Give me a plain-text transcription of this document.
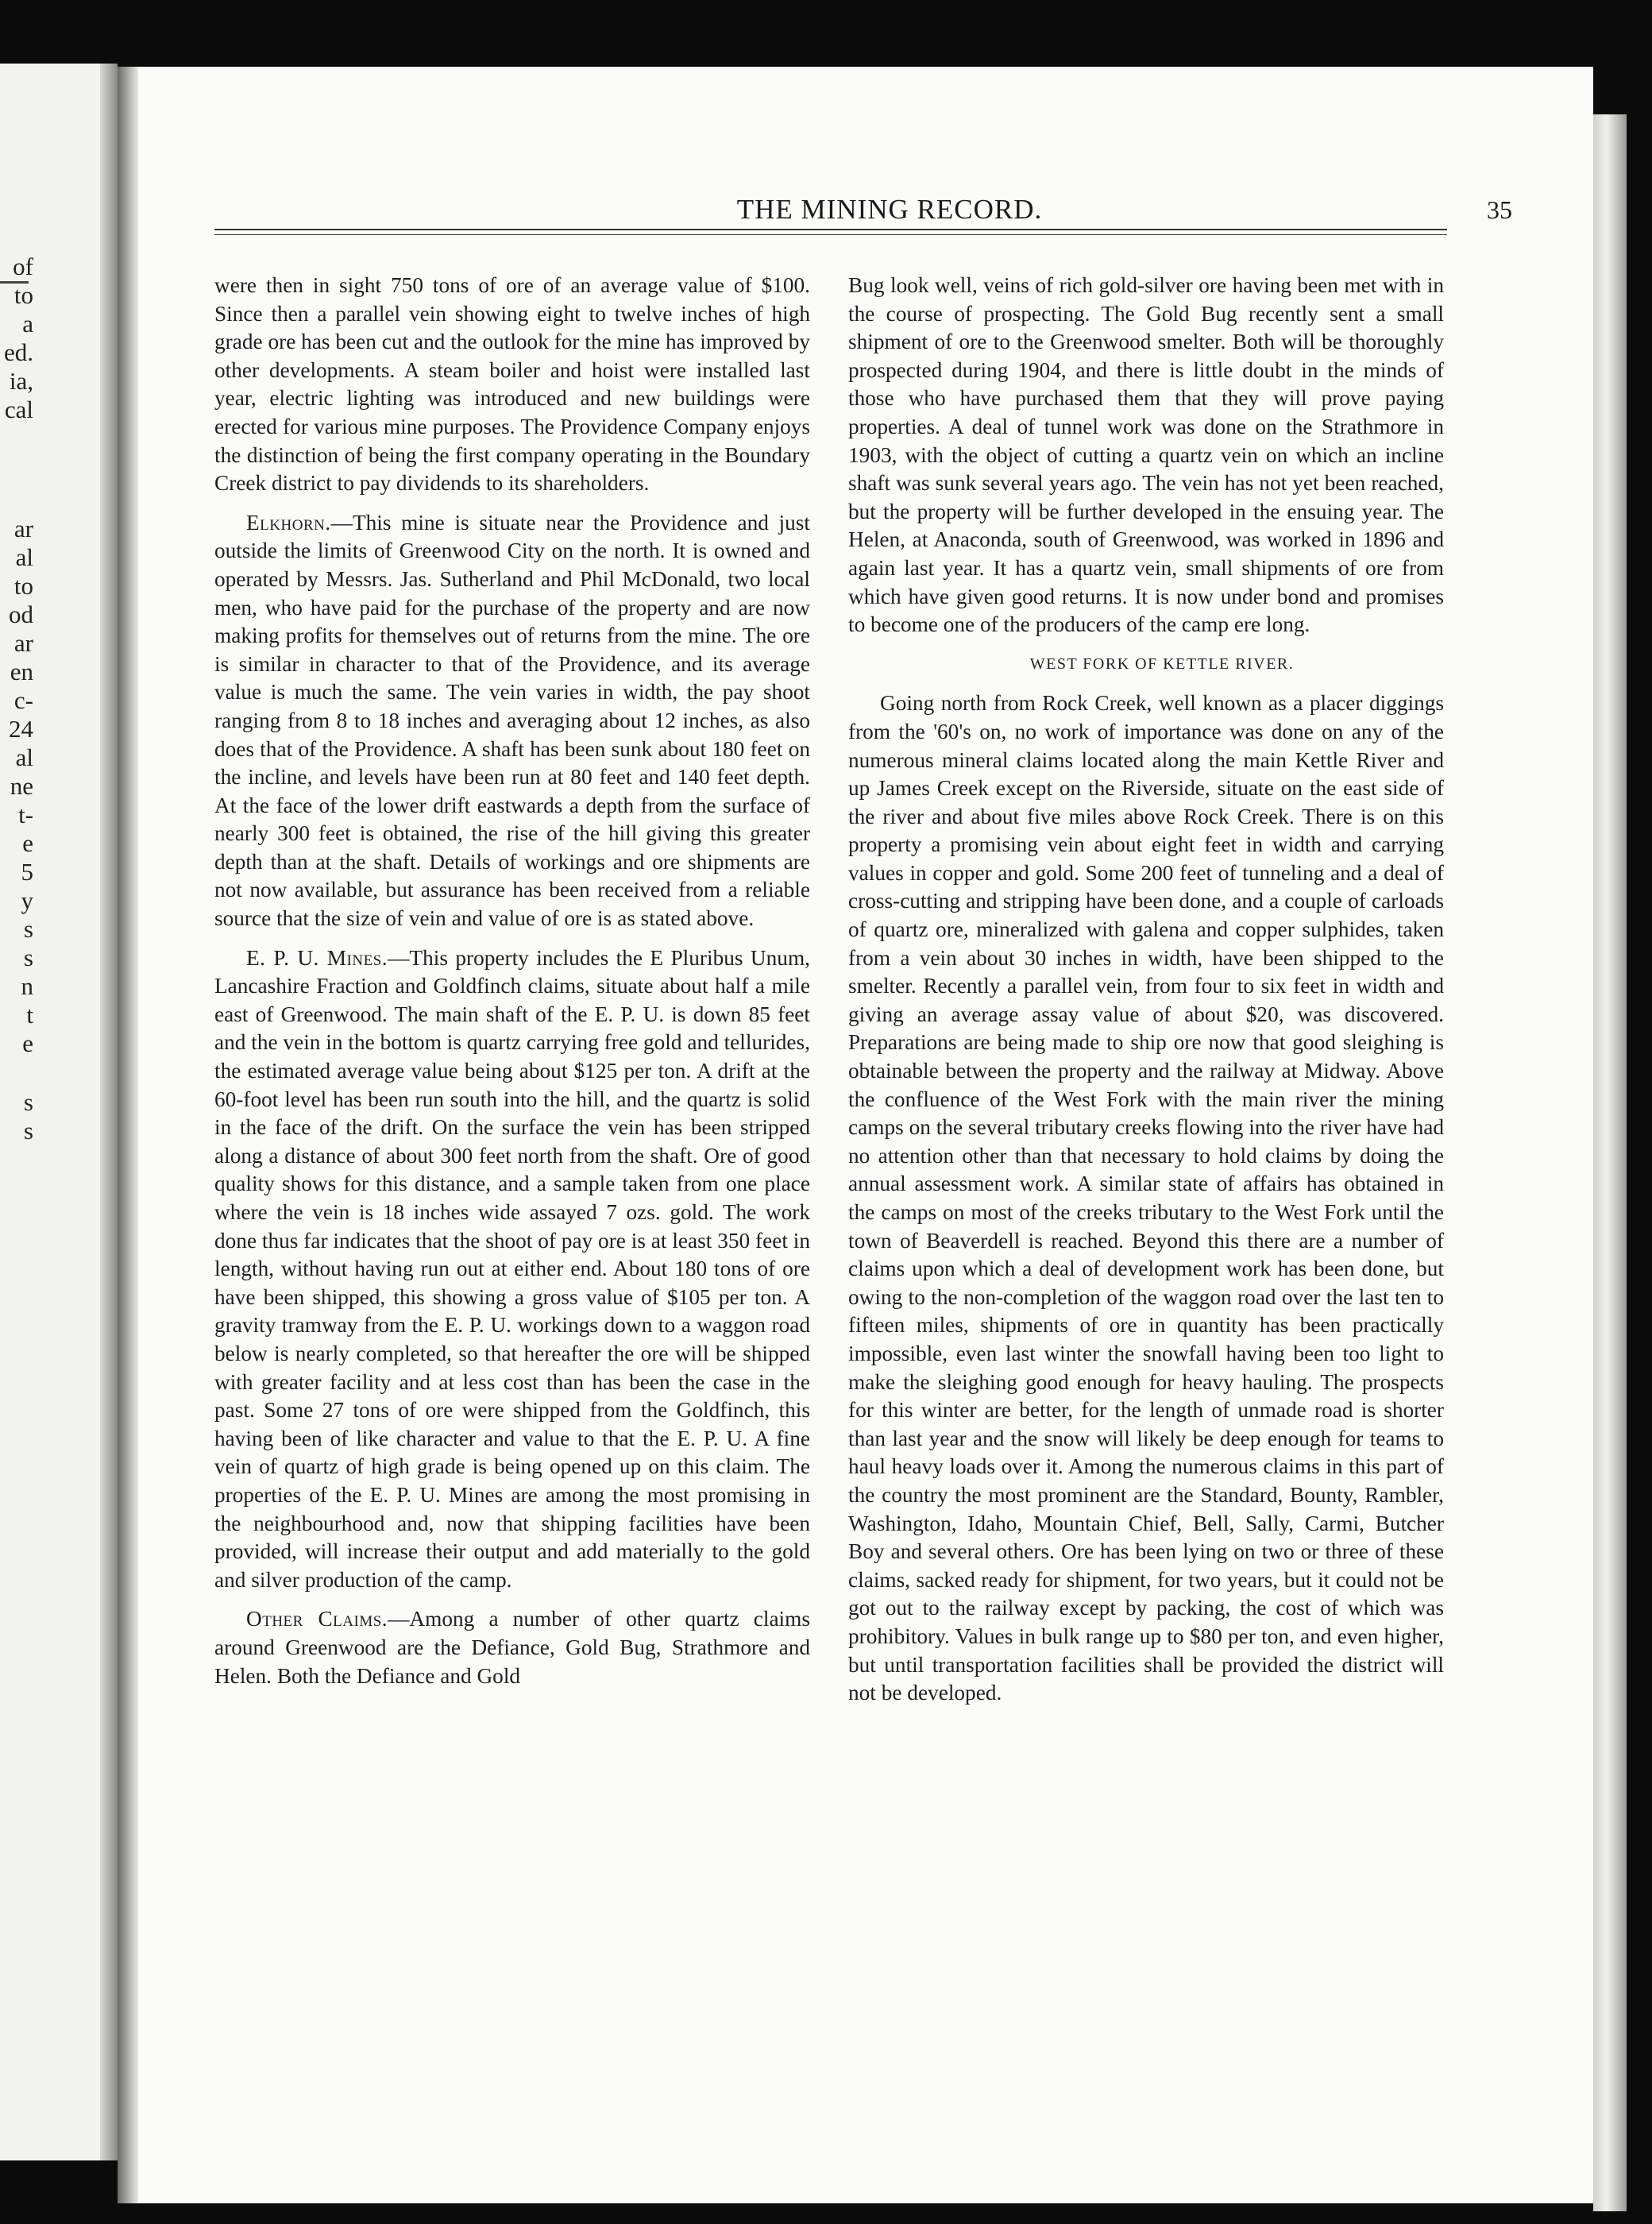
of
to
a
ed.
ia,
cal
ar
al
to
od
ar
en
c-
24
al
ne
t-
e
5
y
s
s
n
t
e
s
s
THE MINING RECORD.	35

were then in sight 750 tons of ore of an average value of $100. Since then a parallel vein showing eight to twelve inches of high grade ore has been cut and the outlook for the mine has improved by other developments. A steam boiler and hoist were installed last year, electric lighting was introduced and new buildings were erected for various mine purposes. The Providence Company enjoys the distinction of being the first company operating in the Boundary Creek district to pay dividends to its shareholders.

Elkhorn.—This mine is situate near the Providence and just outside the limits of Greenwood City on the north. It is owned and operated by Messrs. Jas. Sutherland and Phil McDonald, two local men, who have paid for the purchase of the property and are now making profits for themselves out of returns from the mine. The ore is similar in character to that of the Providence, and its average value is much the same. The vein varies in width, the pay shoot ranging from 8 to 18 inches and averaging about 12 inches, as also does that of the Providence. A shaft has been sunk about 180 feet on the incline, and levels have been run at 80 feet and 140 feet depth. At the face of the lower drift eastwards a depth from the surface of nearly 300 feet is obtained, the rise of the hill giving this greater depth than at the shaft. Details of workings and ore shipments are not now available, but assurance has been received from a reliable source that the size of vein and value of ore is as stated above.

E. P. U. Mines.—This property includes the E Pluribus Unum, Lancashire Fraction and Goldfinch claims, situate about half a mile east of Greenwood. The main shaft of the E. P. U. is down 85 feet and the vein in the bottom is quartz carrying free gold and tellurides, the estimated average value being about $125 per ton. A drift at the 60-foot level has been run south into the hill, and the quartz is solid in the face of the drift. On the surface the vein has been stripped along a distance of about 300 feet north from the shaft. Ore of good quality shows for this distance, and a sample taken from one place where the vein is 18 inches wide assayed 7 ozs. gold. The work done thus far indicates that the shoot of pay ore is at least 350 feet in length, without having run out at either end. About 180 tons of ore have been shipped, this showing a gross value of $105 per ton. A gravity tramway from the E. P. U. workings down to a waggon road below is nearly completed, so that hereafter the ore will be shipped with greater facility and at less cost than has been the case in the past. Some 27 tons of ore were shipped from the Goldfinch, this having been of like character and value to that the E. P. U. A fine vein of quartz of high grade is being opened up on this claim. The properties of the E. P. U. Mines are among the most promising in the neighbourhood and, now that shipping facilities have been provided, will increase their output and add materially to the gold and silver production of the camp.

Other Claims.—Among a number of other quartz claims around Greenwood are the Defiance, Gold Bug, Strathmore and Helen. Both the Defiance and Gold

Bug look well, veins of rich gold-silver ore having been met with in the course of prospecting. The Gold Bug recently sent a small shipment of ore to the Greenwood smelter. Both will be thoroughly prospected during 1904, and there is little doubt in the minds of those who have purchased them that they will prove paying properties. A deal of tunnel work was done on the Strathmore in 1903, with the object of cutting a quartz vein on which an incline shaft was sunk several years ago. The vein has not yet been reached, but the property will be further developed in the ensuing year. The Helen, at Anaconda, south of Greenwood, was worked in 1896 and again last year. It has a quartz vein, small shipments of ore from which have given good returns. It is now under bond and promises to become one of the producers of the camp ere long.

WEST FORK OF KETTLE RIVER.

Going north from Rock Creek, well known as a placer diggings from the '60's on, no work of importance was done on any of the numerous mineral claims located along the main Kettle River and up James Creek except on the Riverside, situate on the east side of the river and about five miles above Rock Creek. There is on this property a promising vein about eight feet in width and carrying values in copper and gold. Some 200 feet of tunneling and a deal of cross-cutting and stripping have been done, and a couple of carloads of quartz ore, mineralized with galena and copper sulphides, taken from a vein about 30 inches in width, have been shipped to the smelter. Recently a parallel vein, from four to six feet in width and giving an average assay value of about $20, was discovered. Preparations are being made to ship ore now that good sleighing is obtainable between the property and the railway at Midway. Above the confluence of the West Fork with the main river the mining camps on the several tributary creeks flowing into the river have had no attention other than that necessary to hold claims by doing the annual assessment work. A similar state of affairs has obtained in the camps on most of the creeks tributary to the West Fork until the town of Beaverdell is reached. Beyond this there are a number of claims upon which a deal of development work has been done, but owing to the non-completion of the waggon road over the last ten to fifteen miles, shipments of ore in quantity has been practically impossible, even last winter the snowfall having been too light to make the sleighing good enough for heavy hauling. The prospects for this winter are better, for the length of unmade road is shorter than last year and the snow will likely be deep enough for teams to haul heavy loads over it. Among the numerous claims in this part of the country the most prominent are the Standard, Bounty, Rambler, Washington, Idaho, Mountain Chief, Bell, Sally, Carmi, Butcher Boy and several others. Ore has been lying on two or three of these claims, sacked ready for shipment, for two years, but it could not be got out to the railway except by packing, the cost of which was prohibitory. Values in bulk range up to $80 per ton, and even higher, but until transportation facilities shall be provided the district will not be developed.
